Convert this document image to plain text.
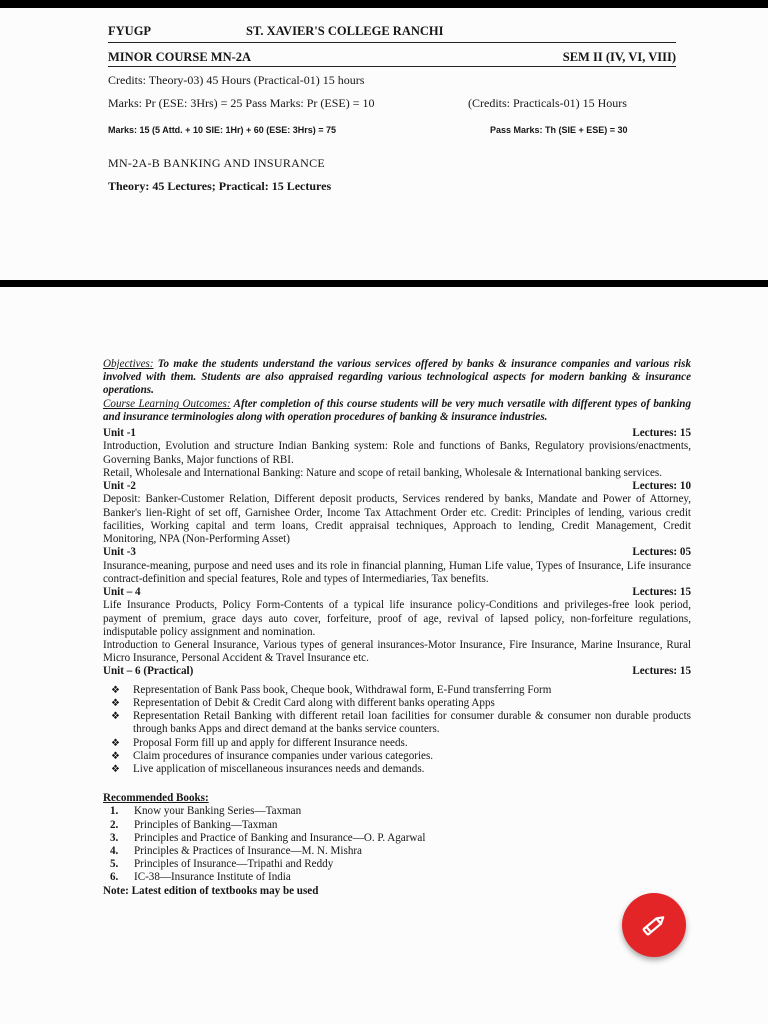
FYUGP	ST. XAVIER'S COLLEGE RANCHI
MINOR COURSE MN-2A	SEM II (IV, VI, VIII)
Credits: Theory-03) 45 Hours (Practical-01) 15 hours
Marks: Pr (ESE: 3Hrs) = 25 Pass Marks: Pr (ESE) = 10	(Credits: Practicals-01) 15 Hours
Marks: 15 (5 Attd. + 10 SIE: 1Hr) + 60 (ESE: 3Hrs) = 75	Pass Marks: Th (SIE + ESE) = 30
MN-2A-B BANKING AND INSURANCE
Theory: 45 Lectures; Practical: 15 Lectures

Objectives: To make the students understand the various services offered by banks & insurance companies and various risk involved with them. Students are also appraised regarding various technological aspects for modern banking & insurance operations.

Course Learning Outcomes: After completion of this course students will be very much versatile with different types of banking and insurance terminologies along with operation procedures of banking & insurance industries.

Unit -1	Lectures: 15

Introduction, Evolution and structure Indian Banking system: Role and functions of Banks, Regulatory provisions/enactments, Governing Banks, Major functions of RBI.

Retail, Wholesale and International Banking: Nature and scope of retail banking, Wholesale & International banking services.

Unit -2	Lectures: 10

Deposit: Banker-Customer Relation, Different deposit products, Services rendered by banks, Mandate and Power of Attorney, Banker's lien-Right of set off, Garnishee Order, Income Tax Attachment Order etc. Credit: Principles of lending, various credit facilities, Working capital and term loans, Credit appraisal techniques, Approach to lending, Credit Management, Credit Monitoring, NPA (Non-Performing Asset)

Unit -3	Lectures: 05

Insurance-meaning, purpose and need uses and its role in financial planning, Human Life value, Types of Insurance, Life insurance contract-definition and special features, Role and types of Intermediaries, Tax benefits.

Unit – 4	Lectures: 15

Life Insurance Products, Policy Form-Contents of a typical life insurance policy-Conditions and privileges-free look period, payment of premium, grace days auto cover, forfeiture, proof of age, revival of lapsed policy, non-forfeiture regulations, indisputable policy assignment and nomination.

Introduction to General Insurance, Various types of general insurances-Motor Insurance, Fire Insurance, Marine Insurance, Rural Micro Insurance, Personal Accident & Travel Insurance etc.

Unit – 6 (Practical)	Lectures: 15
❖ Representation of Bank Pass book, Cheque book, Withdrawal form, E-Fund transferring Form
❖ Representation of Debit & Credit Card along with different banks operating Apps
❖ Representation Retail Banking with different retail loan facilities for consumer durable & consumer non durable products through banks Apps and direct demand at the banks service counters.
❖ Proposal Form fill up and apply for different Insurance needs.
❖ Claim procedures of insurance companies under various categories.
❖ Live application of miscellaneous insurances needs and demands.
Recommended Books:
1. Know your Banking Series—Taxman
2. Principles of Banking—Taxman
3. Principles and Practice of Banking and Insurance—O. P. Agarwal
4. Principles & Practices of Insurance—M. N. Mishra
5. Principles of Insurance—Tripathi and Reddy
6. IC-38—Insurance Institute of India
Note: Latest edition of textbooks may be used
